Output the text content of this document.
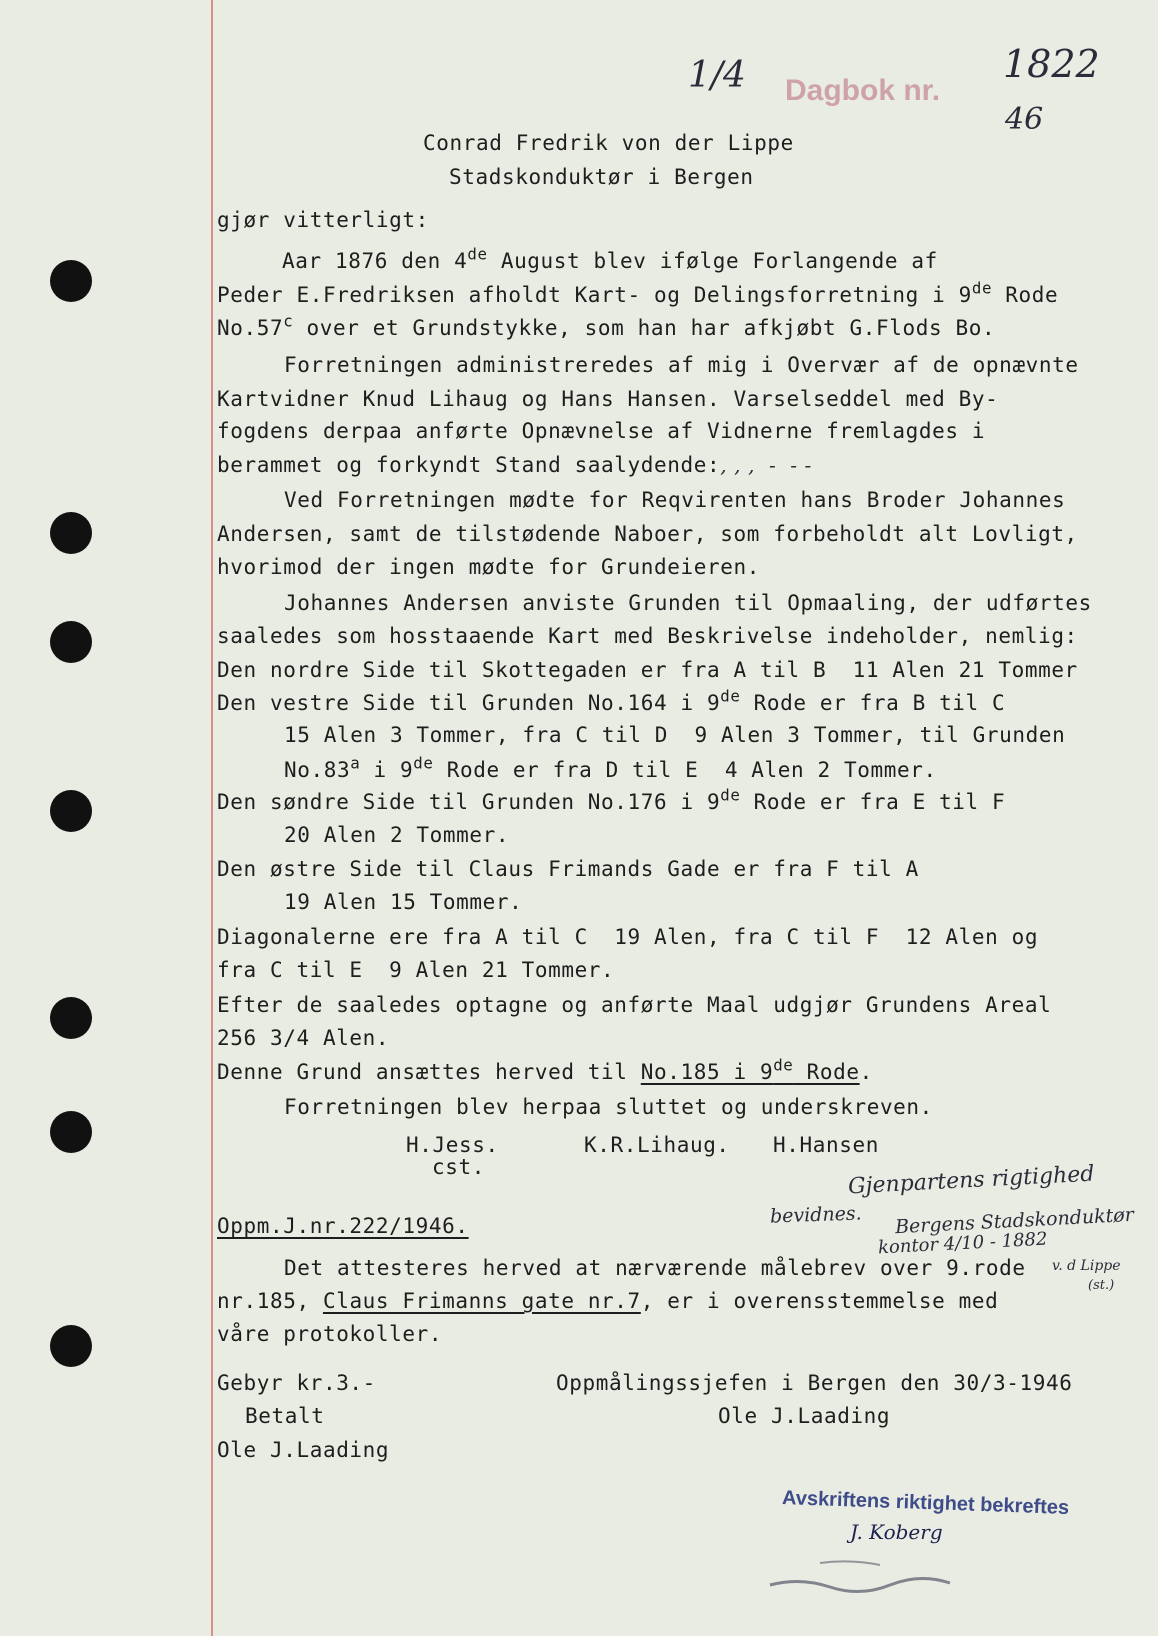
1/4 Dagbok nr.
1822
46
Conrad Fredrik von der Lippe
Stadskonduktør i Bergen
gjør vitterligt:
Aar 1876 den 4de August blev ifølge Forlangende af
Peder E.Fredriksen afholdt Kart- og Delingsforretning i 9de Rode
No.57$^c$ over et Grundstykke, som han har afkjøbt G.Flods Bo.
Forretningen administreredes af mig i Overvær af de opnævnte
Kartvidner Knud Lihaug og Hans Hansen. Varselseddel med By-
fogdens derpaa anførte Opnævnelse af Vidnerne fremlagdes i
berammet og forkyndt Stand saalydende:, , ,  -  - -
Ved Forretningen mødte for Reqvirenten hans Broder Johannes
Andersen, samt de tilstødende Naboer, som forbeholdt alt Lovligt,
hvorimod der ingen mødte for Grundeieren.
Johannes Andersen anviste Grunden til Opmaaling, der udførtes
saaledes som hosstaaende Kart med Beskrivelse indeholder, nemlig:
Den nordre Side til Skottegaden er fra A til B  11 Alen 21 Tommer
Den vestre Side til Grunden No.164 i 9de Rode er fra B til C
15 Alen 3 Tommer, fra C til D  9 Alen 3 Tommer, til Grunden
No.83$^a$ i 9de Rode er fra D til E  4 Alen 2 Tommer.
Den søndre Side til Grunden No.176 i 9de Rode er fra E til F
20 Alen 2 Tommer.
Den østre Side til Claus Frimands Gade er fra F til A
19 Alen 15 Tommer.
Diagonalerne ere fra A til C  19 Alen, fra C til F  12 Alen og
fra C til E  9 Alen 21 Tommer.
Efter de saaledes optagne og anførte Maal udgjør Grundens Areal
256 3/4 Alen.
Denne Grund ansættes herved til No.185 i 9de Rode.
Forretningen blev herpaa sluttet og underskreven.
H.Jess.
cst.
K.R.Lihaug. H.Hansen
Gjenpartens rigtighed
bevidnes. Bergens Stadskonduktør
kontor 4/10 - 1882
v. d Lippe
(st.)
Oppm.J.nr.222/1946.
Det attesteres herved at nærværende målebrev over 9.rode
nr.185, Claus Frimanns gate nr.7, er i overensstemmelse med
våre protokoller.
Gebyr kr.3.-
Betalt
Ole J.Laading
Oppmålingssjefen i Bergen den 30/3-1946
Ole J.Laading
Avskriftens riktighet bekreftes
J. Koberg
